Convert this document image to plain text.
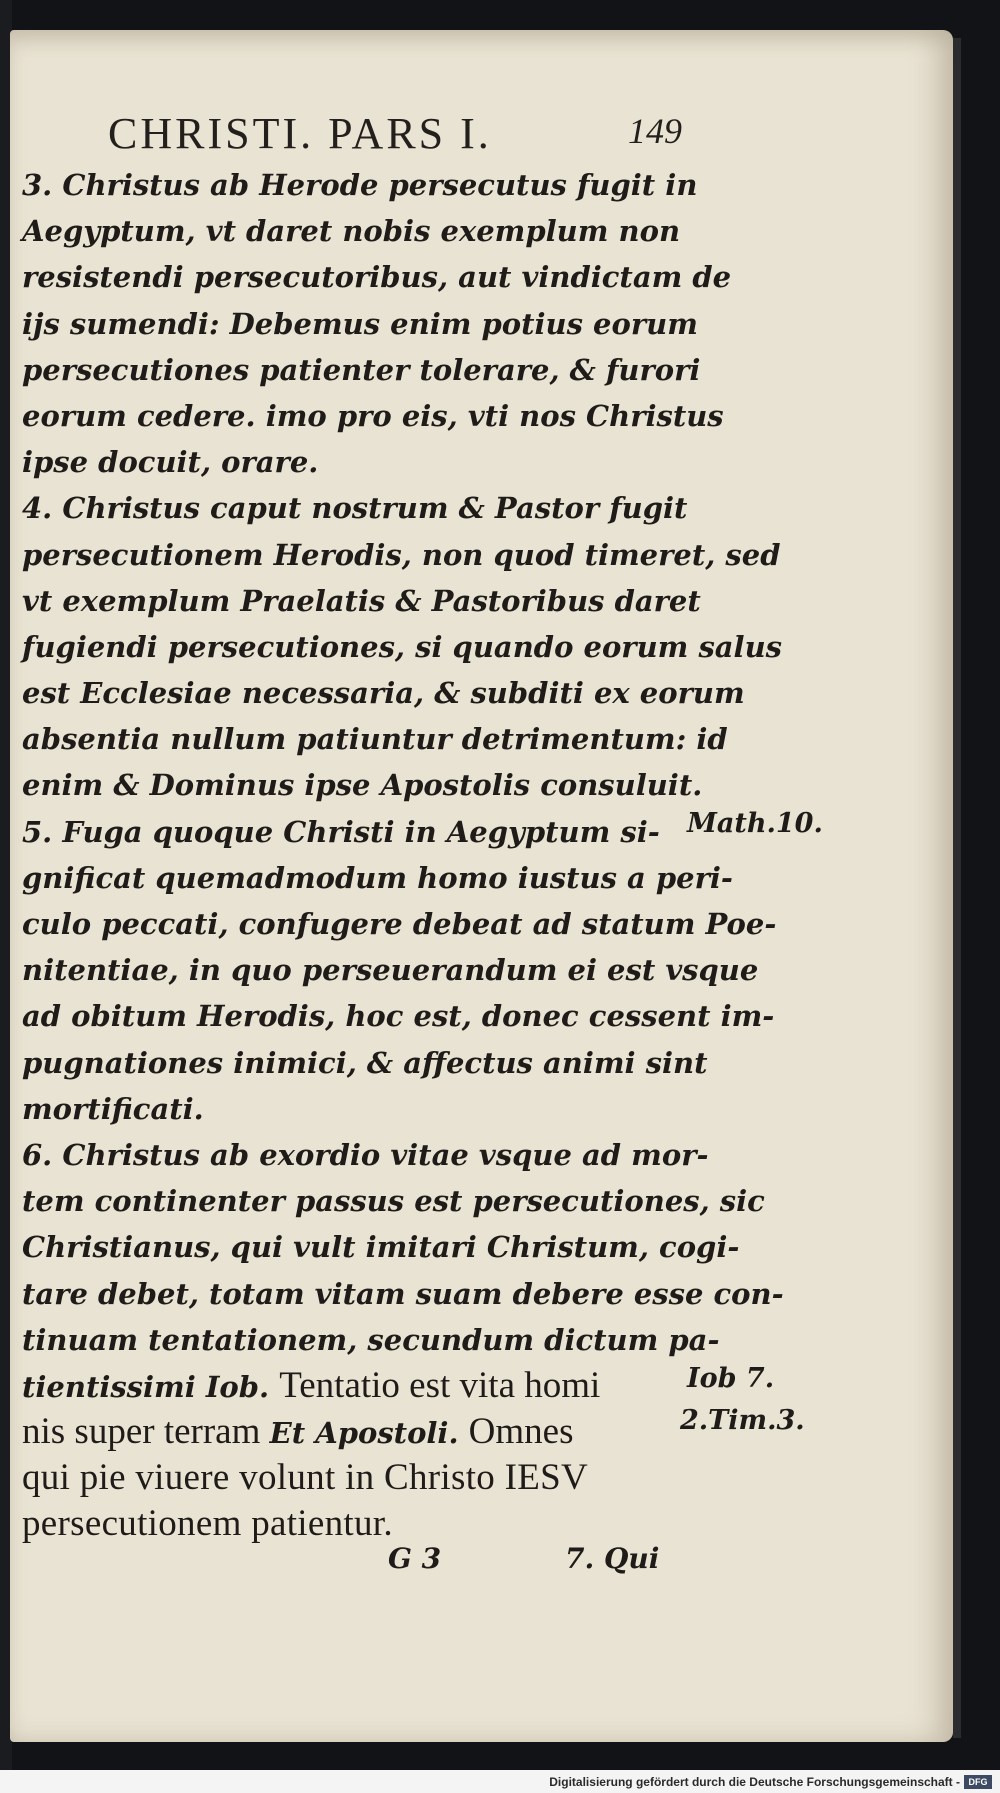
CHRISTI. PARS I.	149
3. Christus ab Herode persecutus fugit in
Aegyptum, vt daret nobis exemplum non
resistendi persecutoribus, aut vindictam de
ijs sumendi: Debemus enim potius eorum
persecutiones patienter tolerare, & furori
eorum cedere. imo pro eis, vti nos Christus
ipse docuit, orare.
4. Christus caput nostrum & Pastor fugit
persecutionem Herodis, non quod timeret, sed
vt exemplum Praelatis & Pastoribus daret
fugiendi persecutiones, si quando eorum salus
est Ecclesiae necessaria, & subditi ex eorum
absentia nullum patiuntur detrimentum: id
enim & Dominus ipse Apostolis consuluit.
5. Fuga quoque Christi in Aegyptum si-
gnificat quemadmodum homo iustus a peri-
culo peccati, confugere debeat ad statum Poe-
nitentiae, in quo perseuerandum ei est vsque
ad obitum Herodis, hoc est, donec cessent im-
pugnationes inimici, & affectus animi sint
mortificati.
6. Christus ab exordio vitae vsque ad mor-
tem continenter passus est persecutiones, sic
Christianus, qui vult imitari Christum, cogi-
tare debet, totam vitam suam debere esse con-
tinuam tentationem, secundum dictum pa-
tientissimi Iob. Tentatio est vita homi
nis super terram Et Apostoli. Omnes
qui pie viuere volunt in Christo IESV
persecutionem patientur.
Math.10.
Iob 7.
2.Tim.3.
G 3	7. Qui
Digitalisierung gefördert durch die Deutsche Forschungsgemeinschaft - DFG
